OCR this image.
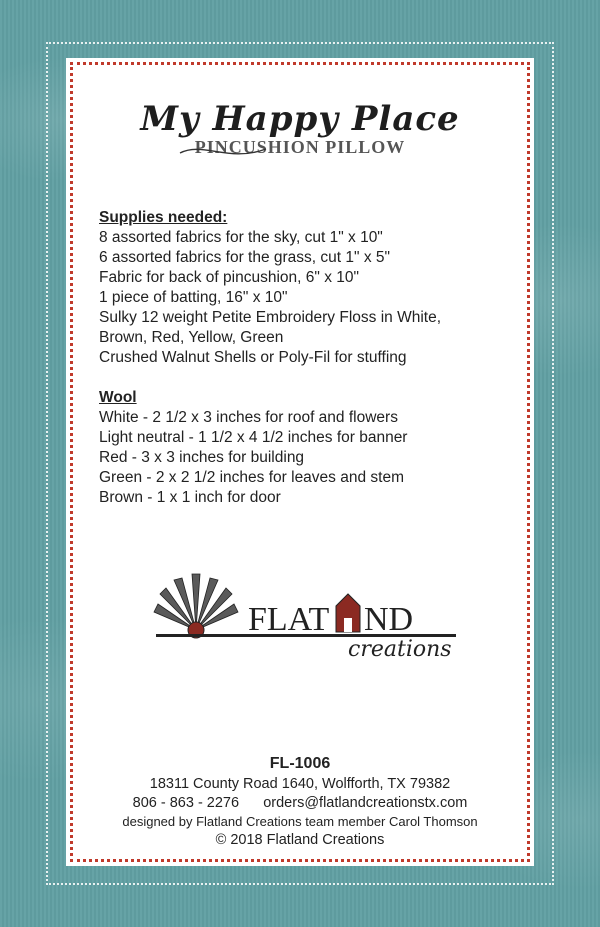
My Happy Place
PINCUSHION PILLOW
Supplies needed:
8 assorted fabrics for the sky, cut 1" x 10"
6 assorted fabrics for the grass, cut 1" x 5"
Fabric for back of pincushion, 6" x 10"
1 piece of batting, 16" x 10"
Sulky 12 weight Petite Embroidery Floss in White,
Brown, Red, Yellow, Green
Crushed Walnut Shells or Poly-Fil for stuffing
Wool
White - 2 1/2 x 3 inches for roof and flowers
Light neutral - 1 1/2 x 4 1/2 inches for banner
Red - 3 x 3 inches for building
Green - 2 x 2 1/2 inches for leaves and stem
Brown - 1 x 1 inch for door
FLAT ND
creations
FL-1006
18311 County Road 1640, Wolfforth, TX 79382
806 - 863 - 2276      orders@flatlandcreationstx.com
designed by Flatland Creations team member Carol Thomson
© 2018 Flatland Creations
